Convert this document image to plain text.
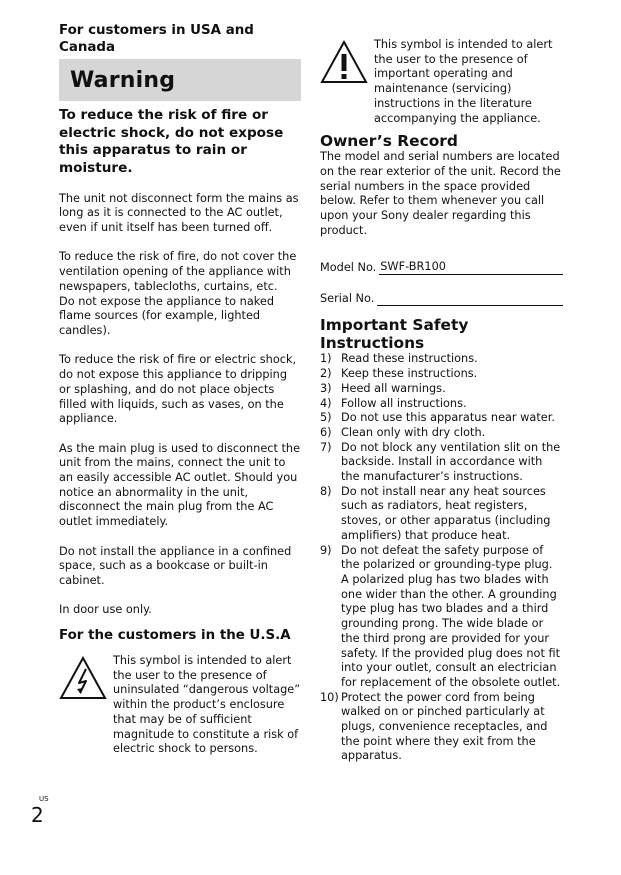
For customers in USA and Canada
Warning

To reduce the risk of fire or electric shock, do not expose this apparatus to rain or moisture.

The unit not disconnect form the mains as long as it is connected to the AC outlet, even if unit itself has been turned off.

To reduce the risk of fire, do not cover the ventilation opening of the appliance with newspapers, tablecloths, curtains, etc.

Do not expose the appliance to naked flame sources (for example, lighted candles).

To reduce the risk of fire or electric shock, do not expose this appliance to dripping or splashing, and do not place objects filled with liquids, such as vases, on the appliance.

As the main plug is used to disconnect the unit from the mains, connect the unit to an easily accessible AC outlet. Should you notice an abnormality in the unit, disconnect the main plug from the AC outlet immediately.

Do not install the appliance in a confined space, such as a bookcase or built-in cabinet.

In door use only.

For the customers in the U.S.A

This symbol is intended to alert the user to the presence of uninsulated “dangerous voltage” within the product’s enclosure that may be of sufficient magnitude to constitute a risk of electric shock to persons.

This symbol is intended to alert the user to the presence of important operating and maintenance (servicing) instructions in the literature accompanying the appliance.

Owner’s Record

The model and serial numbers are located on the rear exterior of the unit. Record the serial numbers in the space provided below. Refer to them whenever you call upon your Sony dealer regarding this product.

Model No. SWF-BR100
Serial No.
Important Safety Instructions
1) Read these instructions.
2) Keep these instructions.
3) Heed all warnings.
4) Follow all instructions.
5) Do not use this apparatus near water.
6) Clean only with dry cloth.
7) Do not block any ventilation slit on the backside. Install in accordance with the manufacturer’s instructions.
8) Do not install near any heat sources such as radiators, heat registers, stoves, or other apparatus (including amplifiers) that produce heat.
9) Do not defeat the safety purpose of the polarized or grounding-type plug. A polarized plug has two blades with one wider than the other. A grounding type plug has two blades and a third grounding prong. The wide blade or the third prong are provided for your safety. If the provided plug does not fit into your outlet, consult an electrician for replacement of the obsolete outlet.
10) Protect the power cord from being walked on or pinched particularly at plugs, convenience receptacles, and the point where they exit from the apparatus.
US
2
